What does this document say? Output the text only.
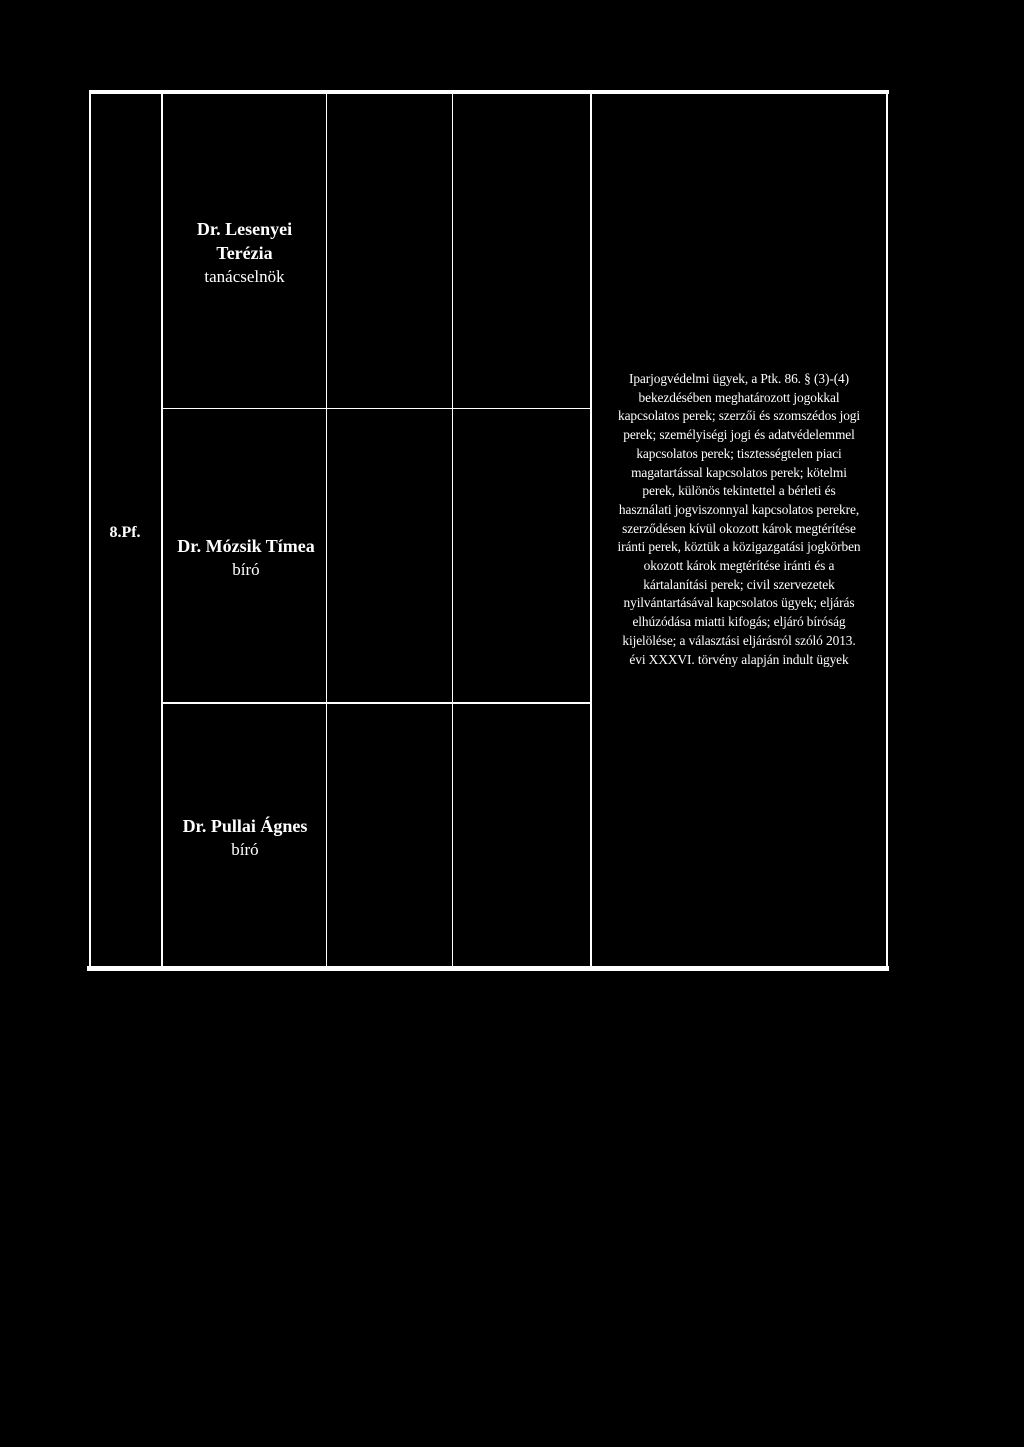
8.Pf.
Dr. Lesenyei
Terézia
tanácselnök
Dr. Mózsik Tímea
bíró
Dr. Pullai Ágnes
bíró
Iparjogvédelmi ügyek, a Ptk. 86. § (3)-(4)
bekezdésében meghatározott jogokkal
kapcsolatos perek; szerzői és szomszédos jogi
perek; személyiségi jogi és adatvédelemmel
kapcsolatos perek; tisztességtelen piaci
magatartással kapcsolatos perek; kötelmi
perek, különös tekintettel a bérleti és
használati jogviszonnyal kapcsolatos perekre,
szerződésen kívül okozott károk megtérítése
iránti perek, köztük a közigazgatási jogkörben
okozott károk megtérítése iránti és a
kártalanítási perek; civil szervezetek
nyilvántartásával kapcsolatos ügyek; eljárás
elhúzódása miatti kifogás; eljáró bíróság
kijelölése; a választási eljárásról szóló 2013.
évi XXXVI. törvény alapján indult ügyek
